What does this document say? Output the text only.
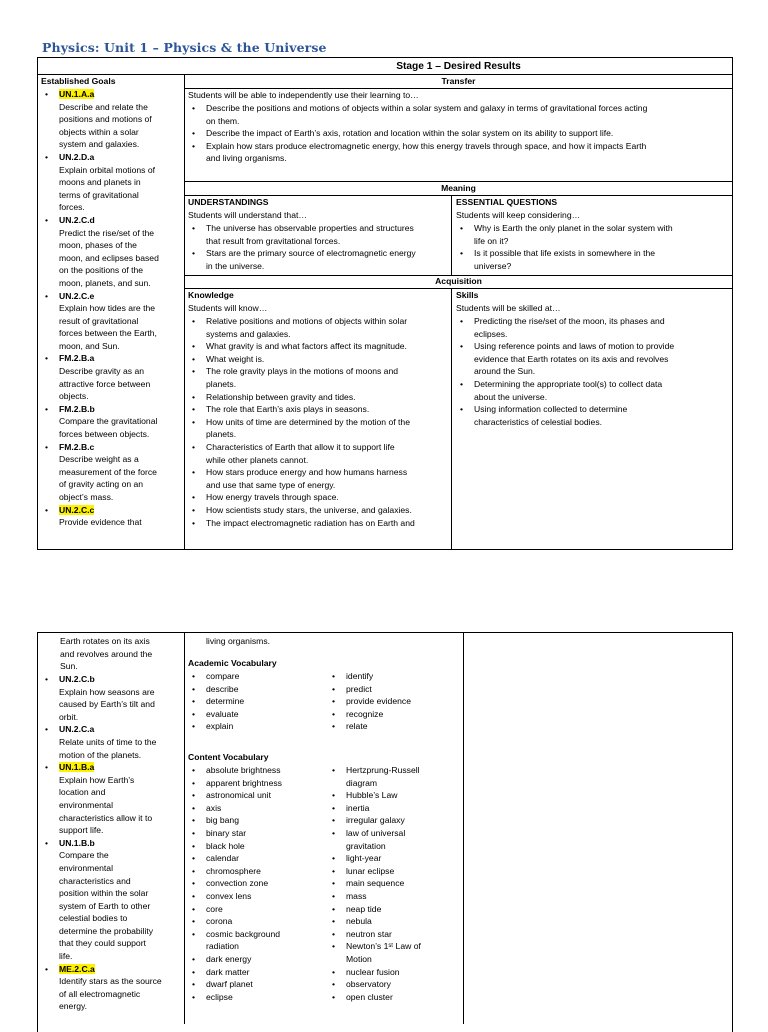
Physics: Unit 1 – Physics & the Universe
Stage 1 – Desired Results
Established Goals
• UN.1.A.a
Describe and relate the
positions and motions of
objects within a solar
system and galaxies.
• UN.2.D.a
Explain orbital motions of
moons and planets in
terms of gravitational
forces.
• UN.2.C.d
Predict the rise/set of the
moon, phases of the
moon, and eclipses based
on the positions of the
moon, planets, and sun.
• UN.2.C.e
Explain how tides are the
result of gravitational
forces between the Earth,
moon, and Sun.
• FM.2.B.a
Describe gravity as an
attractive force between
objects.
• FM.2.B.b
Compare the gravitational
forces between objects.
• FM.2.B.c
Describe weight as a
measurement of the force
of gravity acting on an
object’s mass.
• UN.2.C.c
Provide evidence that
Transfer
Students will be able to independently use their learning to…
• Describe the positions and motions of objects within a solar system and galaxy in terms of gravitational forces acting
on them.
• Describe the impact of Earth’s axis, rotation and location within the solar system on its ability to support life.
• Explain how stars produce electromagnetic energy, how this energy travels through space, and how it impacts Earth
and living organisms.
Meaning
UNDERSTANDINGS
Students will understand that…
• The universe has observable properties and structures
that result from gravitational forces.
• Stars are the primary source of electromagnetic energy
in the universe.
ESSENTIAL QUESTIONS
Students will keep considering…
• Why is Earth the only planet in the solar system with
life on it?
• Is it possible that life exists in somewhere in the
universe?
Acquisition
Knowledge
Students will know…
• Relative positions and motions of objects within solar
systems and galaxies.
• What gravity is and what factors affect its magnitude.
• What weight is.
• The role gravity plays in the motions of moons and
planets.
• Relationship between gravity and tides.
• The role that Earth’s axis plays in seasons.
• How units of time are determined by the motion of the
planets.
• Characteristics of Earth that allow it to support life
while other planets cannot.
• How stars produce energy and how humans harness
and use that same type of energy.
• How energy travels through space.
• How scientists study stars, the universe, and galaxies.
• The impact electromagnetic radiation has on Earth and
Skills
Students will be skilled at…
• Predicting the rise/set of the moon, its phases and
eclipses.
• Using reference points and laws of motion to provide
evidence that Earth rotates on its axis and revolves
around the Sun.
• Determining the appropriate tool(s) to collect data
about the universe.
• Using information collected to determine
characteristics of celestial bodies.
Earth rotates on its axis
and revolves around the
Sun.
• UN.2.C.b
Explain how seasons are
caused by Earth’s tilt and
orbit.
• UN.2.C.a
Relate units of time to the
motion of the planets.
• UN.1.B.a
Explain how Earth’s
location and
environmental
characteristics allow it to
support life.
• UN.1.B.b
Compare the
environmental
characteristics and
position within the solar
system of Earth to other
celestial bodies to
determine the probability
that they could support
life.
• ME.2.C.a
Identify stars as the source
of all electromagnetic
energy.
living organisms.
Academic Vocabulary
• compare
• describe
• determine
• evaluate
• explain
• identify
• predict
• provide evidence
• recognize
• relate
Content Vocabulary
• absolute brightness
• apparent brightness
• astronomical unit
• axis
• big bang
• binary star
• black hole
• calendar
• chromosphere
• convection zone
• convex lens
• core
• corona
• cosmic background
radiation
• dark energy
• dark matter
• dwarf planet
• eclipse
• Hertzprung-Russell
diagram
• Hubble’s Law
• inertia
• irregular galaxy
• law of universal
gravitation
• light-year
• lunar eclipse
• main sequence
• mass
• neap tide
• nebula
• neutron star
• Newton’s 1ˢᵗ Law of
Motion
• nuclear fusion
• observatory
• open cluster
